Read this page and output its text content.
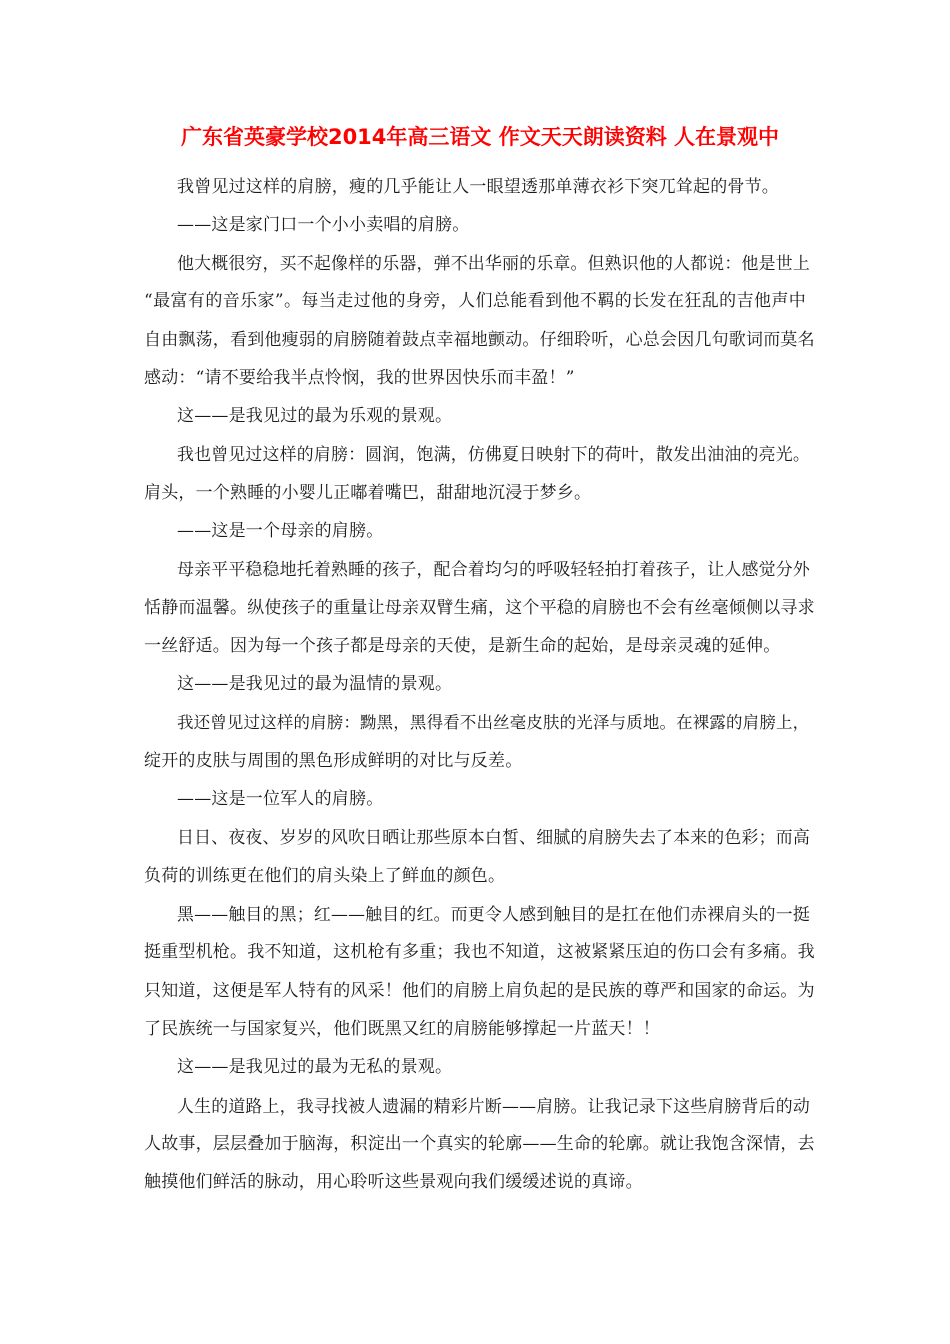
广东省英豪学校2014年高三语文 作文天天朗读资料 人在景观中
我曾见过这样的肩膀，瘦的几乎能让人一眼望透那单薄衣衫下突兀耸起的骨节。
——这是家门口一个小小卖唱的肩膀。
他大概很穷，买不起像样的乐器，弹不出华丽的乐章。但熟识他的人都说：他是世上
“最富有的音乐家”。每当走过他的身旁，人们总能看到他不羁的长发在狂乱的吉他声中
自由飘荡，看到他瘦弱的肩膀随着鼓点幸福地颤动。仔细聆听，心总会因几句歌词而莫名
感动：“请不要给我半点怜悯，我的世界因快乐而丰盈！”
这——是我见过的最为乐观的景观。
我也曾见过这样的肩膀：圆润，饱满，仿佛夏日映射下的荷叶，散发出油油的亮光。
肩头，一个熟睡的小婴儿正嘟着嘴巴，甜甜地沉浸于梦乡。
——这是一个母亲的肩膀。
母亲平平稳稳地托着熟睡的孩子，配合着均匀的呼吸轻轻拍打着孩子，让人感觉分外
恬静而温馨。纵使孩子的重量让母亲双臂生痛，这个平稳的肩膀也不会有丝毫倾侧以寻求
一丝舒适。因为每一个孩子都是母亲的天使，是新生命的起始，是母亲灵魂的延伸。
这——是我见过的最为温情的景观。
我还曾见过这样的肩膀：黝黑，黑得看不出丝毫皮肤的光泽与质地。在裸露的肩膀上，
绽开的皮肤与周围的黑色形成鲜明的对比与反差。
——这是一位军人的肩膀。
日日、夜夜、岁岁的风吹日晒让那些原本白皙、细腻的肩膀失去了本来的色彩；而高
负荷的训练更在他们的肩头染上了鲜血的颜色。
黑——触目的黑；红——触目的红。而更令人感到触目的是扛在他们赤裸肩头的一挺
挺重型机枪。我不知道，这机枪有多重；我也不知道，这被紧紧压迫的伤口会有多痛。我
只知道，这便是军人特有的风采！他们的肩膀上肩负起的是民族的尊严和国家的命运。为
了民族统一与国家复兴，他们既黑又红的肩膀能够撑起一片蓝天！！
这——是我见过的最为无私的景观。
人生的道路上，我寻找被人遗漏的精彩片断——肩膀。让我记录下这些肩膀背后的动
人故事，层层叠加于脑海，积淀出一个真实的轮廓——生命的轮廓。就让我饱含深情，去
触摸他们鲜活的脉动，用心聆听这些景观向我们缓缓述说的真谛。
